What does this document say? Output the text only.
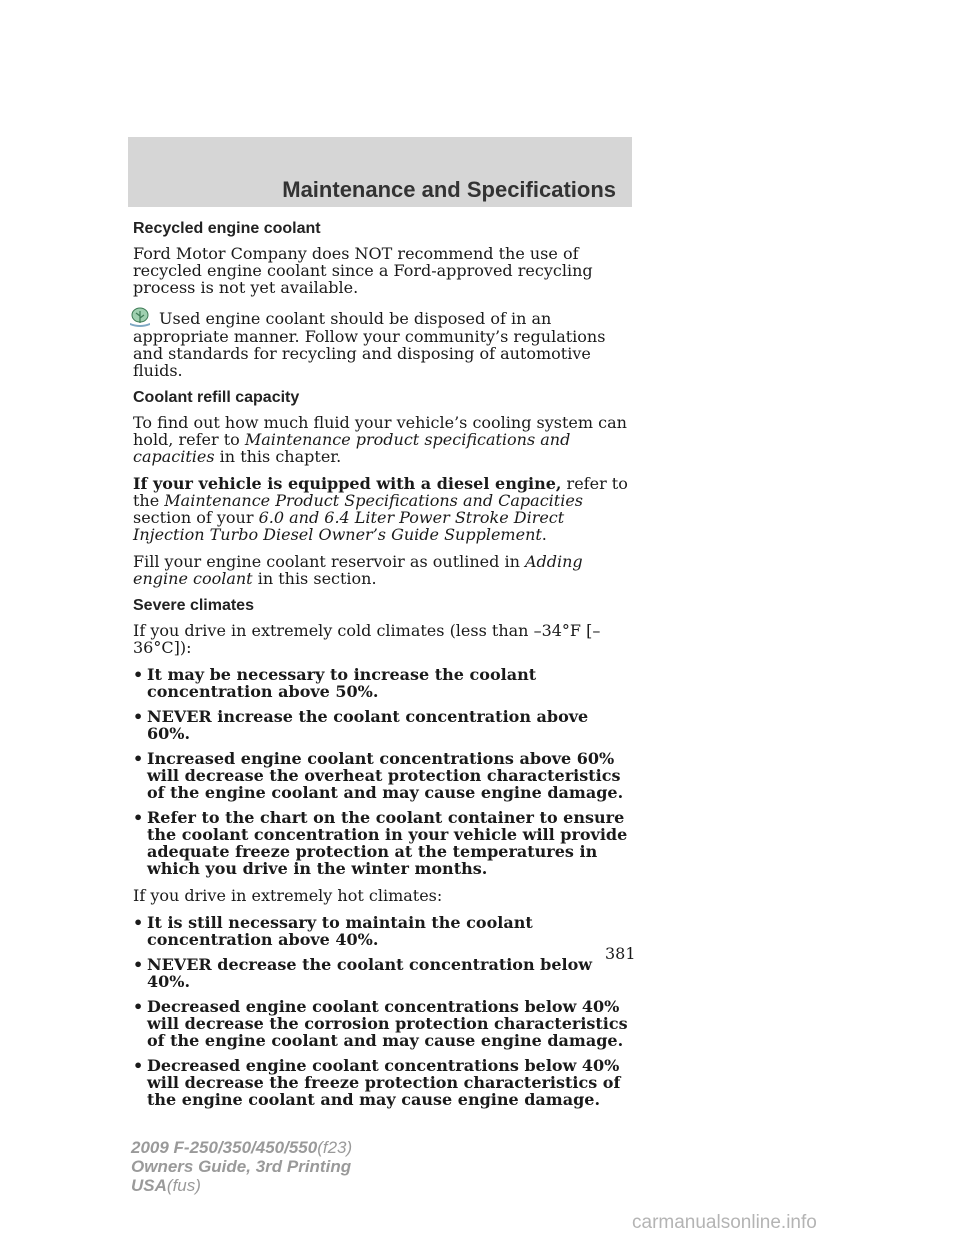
Maintenance and Specifications
Recycled engine coolant

Ford Motor Company does NOT recommend the use of recycled engine coolant since a Ford-approved recycling process is not yet available.

Used engine coolant should be disposed of in an appropriate manner. Follow your community’s regulations and standards for recycling and disposing of automotive fluids.

Coolant refill capacity

To find out how much fluid your vehicle’s cooling system can hold, refer to Maintenance product specifications and capacities in this chapter.

If your vehicle is equipped with a diesel engine, refer to the Maintenance Product Specifications and Capacities section of your 6.0 and 6.4 Liter Power Stroke Direct Injection Turbo Diesel Owner’s Guide Supplement.

Fill your engine coolant reservoir as outlined in Adding engine coolant in this section.

Severe climates

If you drive in extremely cold climates (less than –34°F [–36°C]):

• It may be necessary to increase the coolant concentration above 50%.
• NEVER increase the coolant concentration above 60%.
• Increased engine coolant concentrations above 60% will decrease the overheat protection characteristics of the engine coolant and may cause engine damage.
• Refer to the chart on the coolant container to ensure the coolant concentration in your vehicle will provide adequate freeze protection at the temperatures in which you drive in the winter months.

If you drive in extremely hot climates:

• It is still necessary to maintain the coolant concentration above 40%.
• NEVER decrease the coolant concentration below 40%.
• Decreased engine coolant concentrations below 40% will decrease the corrosion protection characteristics of the engine coolant and may cause engine damage.
• Decreased engine coolant concentrations below 40% will decrease the freeze protection characteristics of the engine coolant and may cause engine damage.
381
2009 F-250/350/450/550(f23)
Owners Guide, 3rd Printing
USA(fus)
carmanualsonline.info
